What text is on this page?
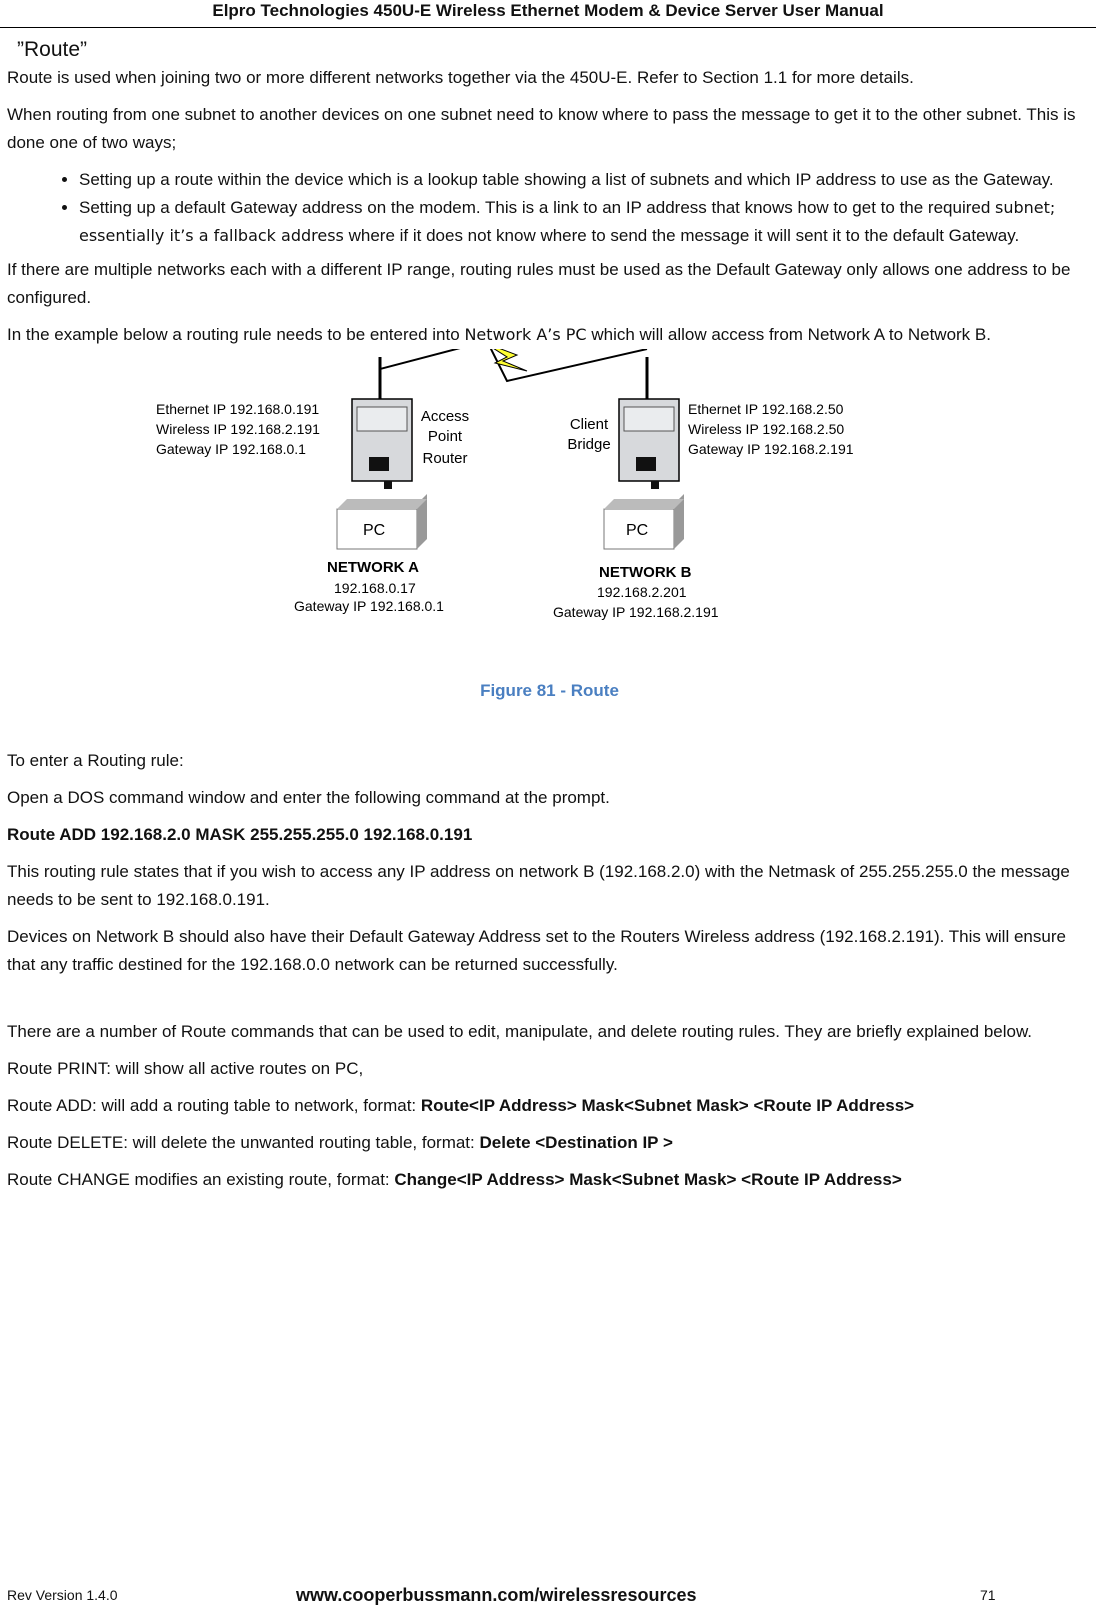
Elpro Technologies 450U-E Wireless Ethernet Modem & Device Server User Manual
”Route”

Route is used when joining two or more different networks together via the 450U-E. Refer to Section 1.1 for more details.

When routing from one subnet to another devices on one subnet need to know where to pass the message to get it to the other subnet. This is done one of two ways;

• Setting up a route within the device which is a lookup table showing a list of subnets and which IP address to use as the Gateway.
• Setting up a default Gateway address on the modem. This is a link to an IP address that knows how to get to the required subnet; essentially it’s a fallback address where if it does not know where to send the message it will sent it to the default Gateway.

If there are multiple networks each with a different IP range, routing rules must be used as the Default Gateway only allows one address to be configured.

In the example below a routing rule needs to be entered into Network A’s PC which will allow access from Network A to Network B.

Ethernet IP 192.168.0.191
Wireless IP 192.168.2.191
Gateway IP 192.168.0.1
Access
Point
Router
PC
NETWORK A
192.168.0.17
Gateway IP 192.168.0.1
Client
Bridge
Ethernet IP 192.168.2.50
Wireless IP 192.168.2.50
Gateway IP 192.168.2.191
PC
NETWORK B
192.168.2.201
Gateway IP 192.168.2.191
Figure 81 - Route

To enter a Routing rule:

Open a DOS command window and enter the following command at the prompt.

Route ADD 192.168.2.0 MASK 255.255.255.0 192.168.0.191

This routing rule states that if you wish to access any IP address on network B (192.168.2.0) with the Netmask of 255.255.255.0 the message needs to be sent to 192.168.0.191.

Devices on Network B should also have their Default Gateway Address set to the Routers Wireless address (192.168.2.191). This will ensure that any traffic destined for the 192.168.0.0 network can be returned successfully.

There are a number of Route commands that can be used to edit, manipulate, and delete routing rules. They are briefly explained below.

Route PRINT: will show all active routes on PC,

Route ADD: will add a routing table to network, format: Route<IP Address> Mask<Subnet Mask> <Route IP Address>

Route DELETE: will delete the unwanted routing table, format: Delete <Destination IP >

Route CHANGE modifies an existing route, format: Change<IP Address> Mask<Subnet Mask> <Route IP Address>

Rev Version 1.4.0	www.cooperbussmann.com/wirelessresources	71
